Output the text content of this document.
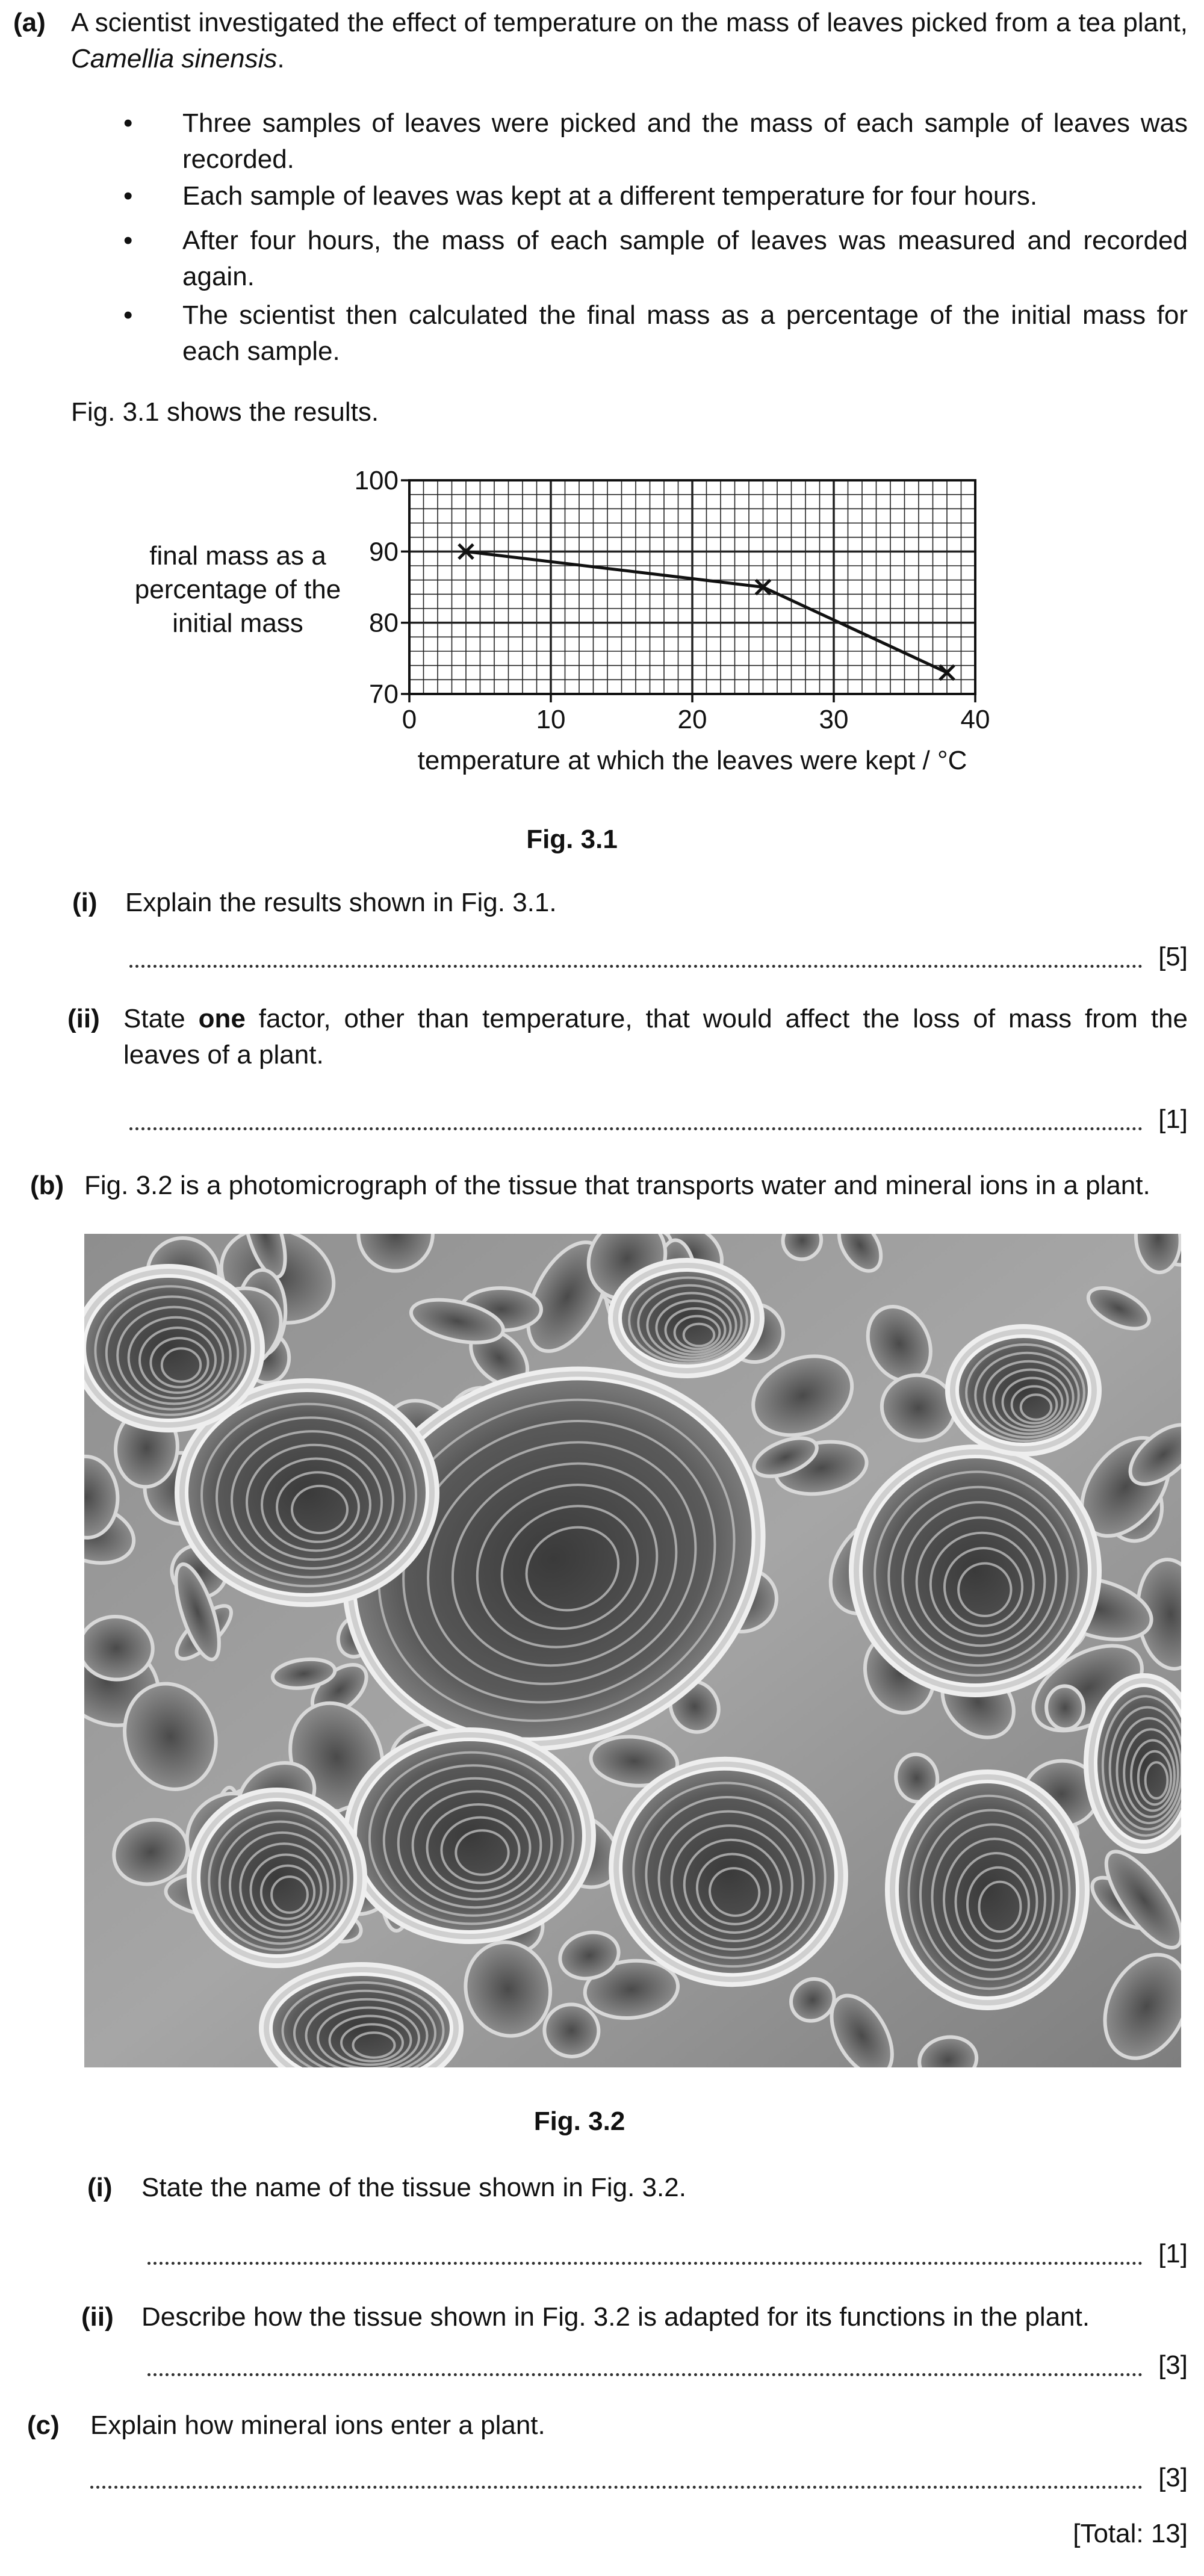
(a) A scientist investigated the effect of temperature on the mass of leaves picked from a tea plant, Camellia sinensis.
• Three samples of leaves were picked and the mass of each sample of leaves was recorded.
• Each sample of leaves was kept at a different temperature for four hours.
• After four hours, the mass of each sample of leaves was measured and recorded again.
• The scientist then calculated the final mass as a percentage of the initial mass for each sample.
Fig. 3.1 shows the results.
0	10	20	30	40
70
80
90
100
temperature at which the leaves were kept / °C
final mass as a
percentage of the
initial mass
Fig. 3.1
(i) Explain the results shown in Fig. 3.1.
[5]
(ii) State one factor, other than temperature, that would affect the loss of mass from the leaves of a plant.
[1]
(b) Fig. 3.2 is a photomicrograph of the tissue that transports water and mineral ions in a plant.
Fig. 3.2
(i) State the name of the tissue shown in Fig. 3.2.
[1]
(ii) Describe how the tissue shown in Fig. 3.2 is adapted for its functions in the plant.
[3]
(c) Explain how mineral ions enter a plant.
[3]
[Total: 13]
